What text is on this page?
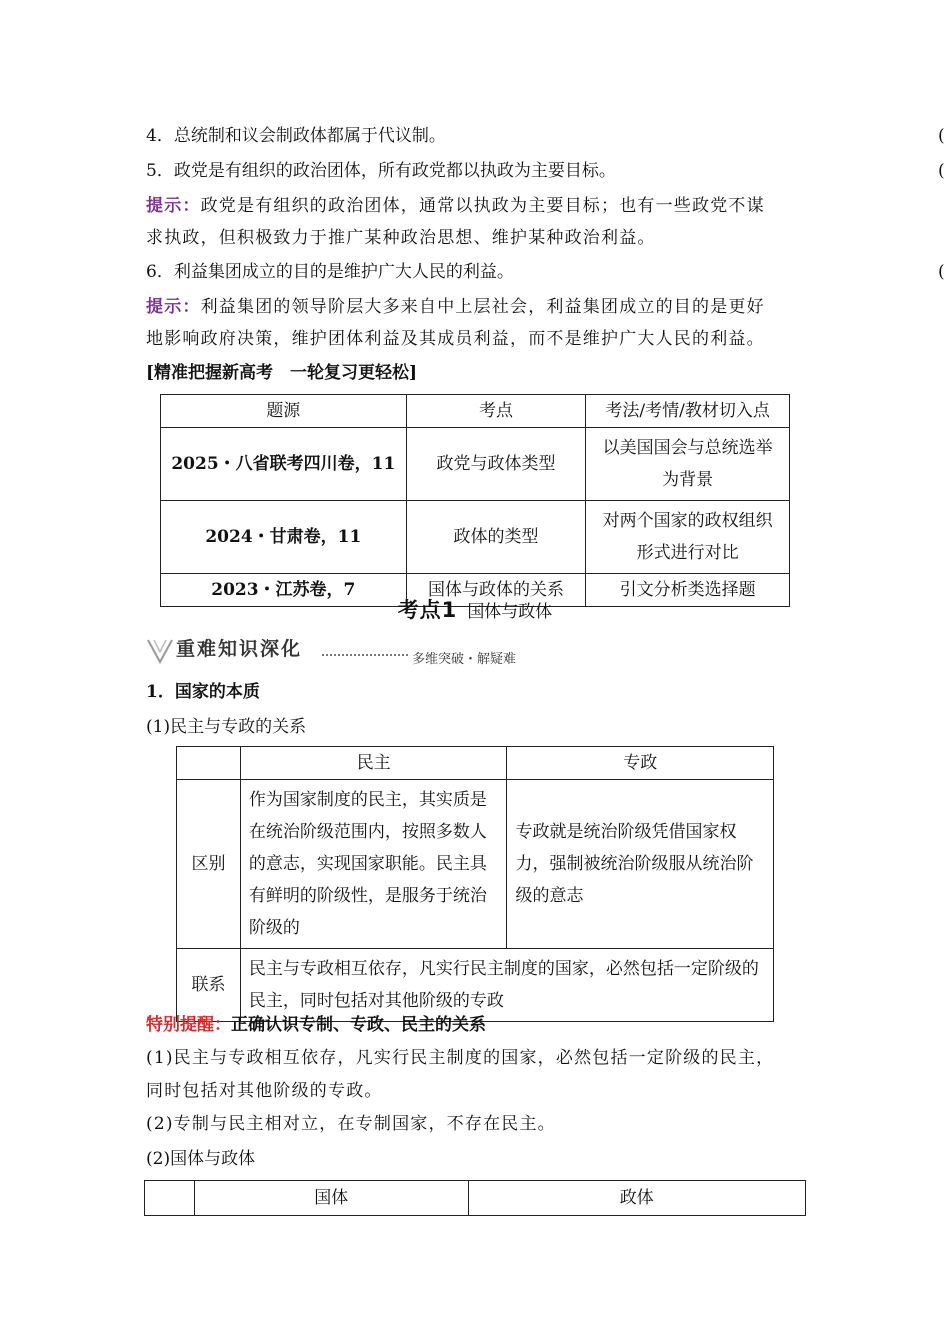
4．总统制和议会制政体都属于代议制。	(
5．政党是有组织的政治团体，所有政党都以执政为主要目标。	(
提示：政党是有组织的政治团体，通常以执政为主要目标；也有一些政党不谋
求执政，但积极致力于推广某种政治思想、维护某种政治利益。
6．利益集团成立的目的是维护广大人民的利益。	(
提示：利益集团的领导阶层大多来自中上层社会，利益集团成立的目的是更好
地影响政府决策，维护团体利益及其成员利益，而不是维护广大人民的利益。
[精准把握新高考　一轮复习更轻松]
题源	考点	考法/考情/教材切入点
2025・八省联考四川卷，11	政党与政体类型	以美国国会与总统选举为背景
2024・甘肃卷，11	政体的类型	对两个国家的政权组织形式进行对比
2023・江苏卷，7	国体与政体的关系	引文分析类选择题
考点1 国体与政体
重难知识深化	多维突破・解疑难
1．国家的本质
(1)民主与专政的关系
	民主	专政
区别	作为国家制度的民主，其实质是在统治阶级范围内，按照多数人的意志，实现国家职能。民主具有鲜明的阶级性，是服务于统治阶级的	专政就是统治阶级凭借国家权力，强制被统治阶级服从统治阶级的意志
联系	民主与专政相互依存，凡实行民主制度的国家，必然包括一定阶级的民主，同时包括对其他阶级的专政	
特别提醒：正确认识专制、专政、民主的关系
(1)民主与专政相互依存，凡实行民主制度的国家，必然包括一定阶级的民主，
同时包括对其他阶级的专政。
(2)专制与民主相对立，在专制国家，不存在民主。
(2)国体与政体
	国体	政体
